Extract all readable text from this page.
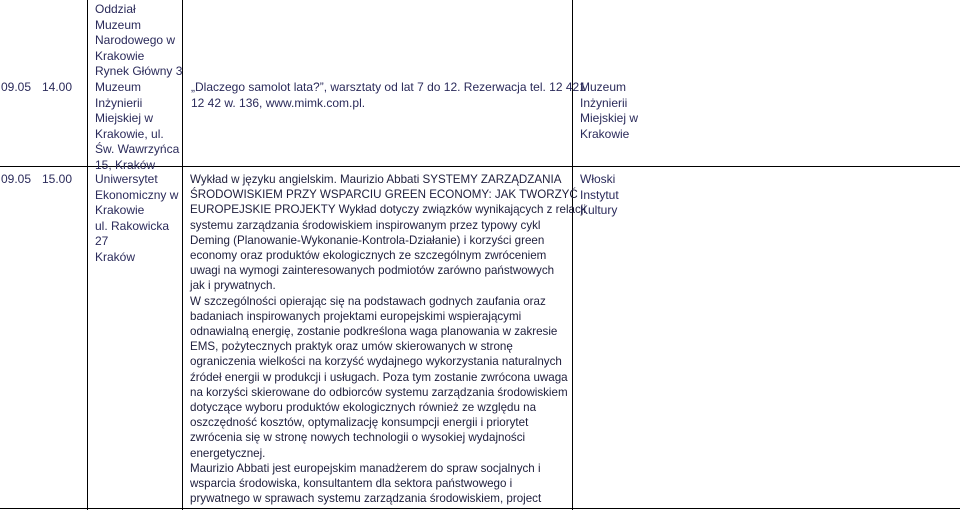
Oddział
Muzeum
Narodowego w
Krakowie
Rynek Główny 3
09.05 14.00 Muzeum
Inżynierii
Miejskiej w
Krakowie, ul.
Św. Wawrzyńca
15, Kraków
„Dlaczego samolot lata?”, warsztaty od lat 7 do 12. Rezerwacja tel. 12 421
12 42 w. 136, www.mimk.com.pl.
Muzeum
Inżynierii
Miejskiej w
Krakowie
09.05 15.00 Uniwersytet
Ekonomiczny w
Krakowie
ul. Rakowicka
27
Kraków
Wykład w języku angielskim. Maurizio Abbati SYSTEMY ZARZĄDZANIA
ŚRODOWISKIEM PRZY WSPARCIU GREEN ECONOMY: JAK TWORZYĆ
EUROPEJSKIE PROJEKTY Wykład dotyczy związków wynikających z relacji
systemu zarządzania środowiskiem inspirowanym przez typowy cykl
Deming (Planowanie-Wykonanie-Kontrola-Działanie) i korzyści green
economy oraz produktów ekologicznych ze szczególnym zwróceniem
uwagi na wymogi zainteresowanych podmiotów zarówno państwowych
jak i prywatnych.
W szczególności opierając się na podstawach godnych zaufania oraz
badaniach inspirowanych projektami europejskimi wspierającymi
odnawialną energię, zostanie podkreślona waga planowania w zakresie
EMS, pożytecznych praktyk oraz umów skierowanych w stronę
ograniczenia wielkości na korzyść wydajnego wykorzystania naturalnych
źródeł energii w produkcji i usługach. Poza tym zostanie zwrócona uwaga
na korzyści skierowane do odbiorców systemu zarządzania środowiskiem
dotyczące wyboru produktów ekologicznych również ze względu na
oszczędność kosztów, optymalizację konsumpcji energii i priorytet
zwrócenia się w stronę nowych technologii o wysokiej wydajności
energetycznej.
Maurizio Abbati jest europejskim manadżerem do spraw socjalnych i
wsparcia środowiska, konsultantem dla sektora państwowego i
prywatnego w sprawach systemu zarządzania środowiskiem, project
Włoski
Instytut
Kultury
